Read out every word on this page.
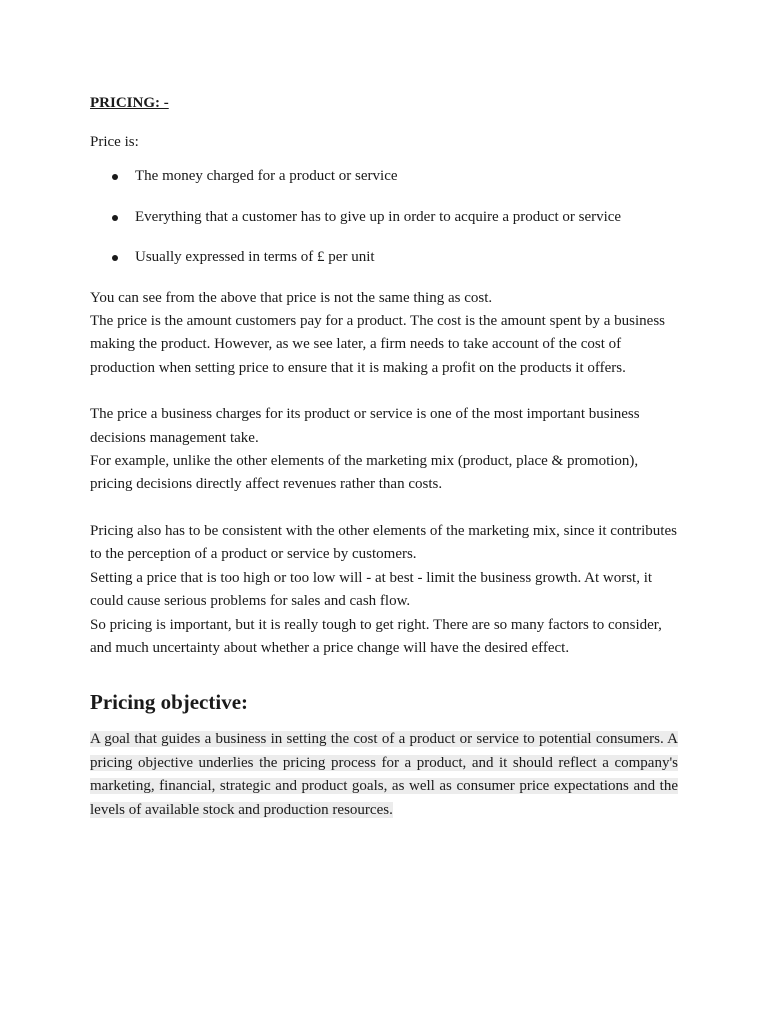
PRICING: -
Price is:
The money charged for a product or service
Everything that a customer has to give up in order to acquire a product or service
Usually expressed in terms of £ per unit

You can see from the above that price is not the same thing as cost.

The price is the amount customers pay for a product. The cost is the amount spent by a business making the product. However, as we see later, a firm needs to take account of the cost of production when setting price to ensure that it is making a profit on the products it offers.

The price a business charges for its product or service is one of the most important business decisions management take.

For example, unlike the other elements of the marketing mix (product, place & promotion), pricing decisions directly affect revenues rather than costs.

Pricing also has to be consistent with the other elements of the marketing mix, since it contributes to the perception of a product or service by customers.

Setting a price that is too high or too low will - at best - limit the business growth. At worst, it could cause serious problems for sales and cash flow.

So pricing is important, but it is really tough to get right. There are so many factors to consider, and much uncertainty about whether a price change will have the desired effect.

Pricing objective:

A goal that guides a business in setting the cost of a product or service to potential consumers. A pricing objective underlies the pricing process for a product, and it should reflect a company's marketing, financial, strategic and product goals, as well as consumer price expectations and the levels of available stock and production resources.
